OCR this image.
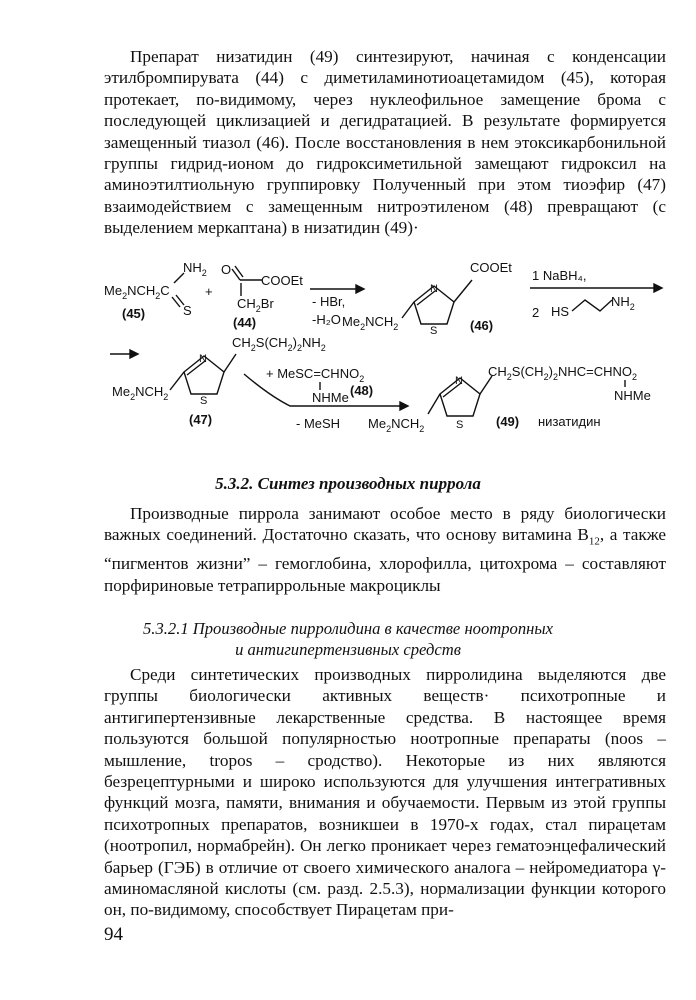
Препарат низатидин (49) синтезируют, начиная с конденсации этилбромпирувата (44) с диметиламинотиоацетамидом (45), которая протекает, по-видимому, через нуклеофильное замещение брома с последующей циклизацией и дегидратацией. В результате формируется замещенный тиазол (46). После восстановления в нем этоксикарбонильной группы гидрид-ионом до гидроксиметильной замещают гидроксил на аминоэтилтиольную группировку Полученный при этом тиоэфир (47) взаимодействием с замещенным нитроэтиленом (48) превращают (с выделением меркаптана) в низатидин (49)·

$Me_2NCH_2C$
$NH_2$
S
(45)
+
O
COOEt
$CH_2Br$
(44)
- HBr,
-H₂O
N
S
COOEt
$Me_2NCH_2$	(46)
1 NaBH₄,
2 HS
$NH_2$
N
S
$CH_2S(CH_2)_2NH_2$
$Me_2NCH_2$
(47)
+ $MeSC=CHNO_2$
NHMe (48)
- MeSH
N
S
$CH_2S(CH_2)_2NHC=CHNO_2$
NHMe
$Me_2NCH_2$	(49) низатидин
5.3.2. Синтез производных пиррола

Производные пиррола занимают особое место в ряду биологически важных соединений. Достаточно сказать, что основу витамина $B_{12}$, а также “пигментов жизни” – гемоглобина, хлорофилла, цитохрома – составляют порфириновые тетрапиррольные макроциклы

5.3.2.1 Производные пирролидина в качестве ноотропных
и антигипертензивных средств

Среди синтетических производных пирролидина выделяются две группы биологически активных веществ· психотропные и антигипертензивные лекарственные средства. В настоящее время пользуются большой популярностью ноотропные препараты (noos – мышление, tropos – сродство). Некоторые из них являются безрецептурными и широко используются для улучшения интегративных функций мозга, памяти, внимания и обучаемости. Первым из этой группы психотропных препаратов, возникшеи в 1970-х годах, стал пирацетам (ноотропил, нормабрейн). Он легко проникает через гематоэнцефалический барьер (ГЭБ) в отличие от своего химического аналога – нейромедиатора γ-аминомасляной кислоты (см. разд. 2.5.3), нормализации функции которого он, по-видимому, способствует Пирацетам при-

94
